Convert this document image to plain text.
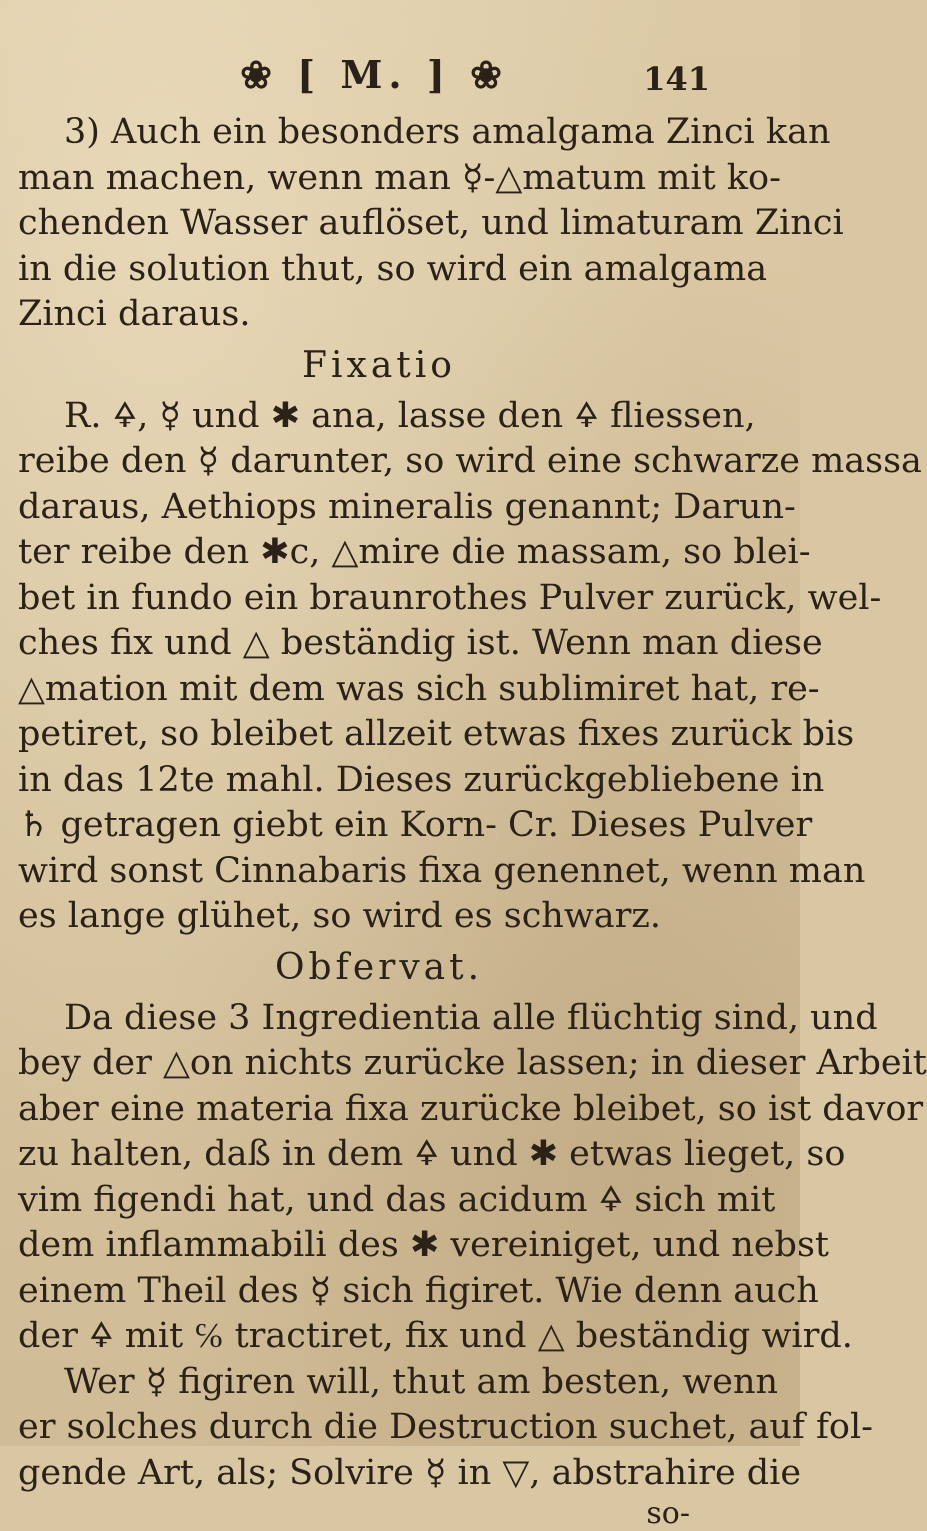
❀ [ M. ] ❀	141
3) Auch ein besonders amalgama Zinci kan
man machen, wenn man ☿-△matum mit ko-
chenden Wasser auflöset, und limaturam Zinci
in die solution thut, so wird ein amalgama
Zinci daraus.

Fixatio

R. 🜍, ☿ und ✱ ana, lasse den 🜍 fliessen,
reibe den ☿ darunter, so wird eine schwarze massa
daraus, Aethiops mineralis genannt; Darun-
ter reibe den ✱c, △mire die massam, so blei-
bet in fundo ein braunrothes Pulver zurück, wel-
ches fix und △ beständig ist. Wenn man diese
△mation mit dem was sich sublimiret hat, re-
petiret, so bleibet allzeit etwas fixes zurück bis
in das 12te mahl. Dieses zurückgebliebene in
♄ getragen giebt ein Korn- Cr. Dieses Pulver
wird sonst Cinnabaris fixa genennet, wenn man
es lange glühet, so wird es schwarz.

Obfervat.

Da diese 3 Ingredientia alle flüchtig sind, und
bey der △on nichts zurücke lassen; in dieser Arbeit
aber eine materia fixa zurücke bleibet, so ist davor
zu halten, daß in dem 🜍 und ✱ etwas lieget, so
vim figendi hat, und das acidum 🜍 sich mit
dem inflammabili des ✱ vereiniget, und nebst
einem Theil des ☿ sich figiret. Wie denn auch
der 🜍 mit ℅ tractiret, fix und △ beständig wird.
Wer ☿ figiren will, thut am besten, wenn
er solches durch die Destruction suchet, auf fol-
gende Art, als; Solvire ☿ in ▽, abstrahire die

so-
